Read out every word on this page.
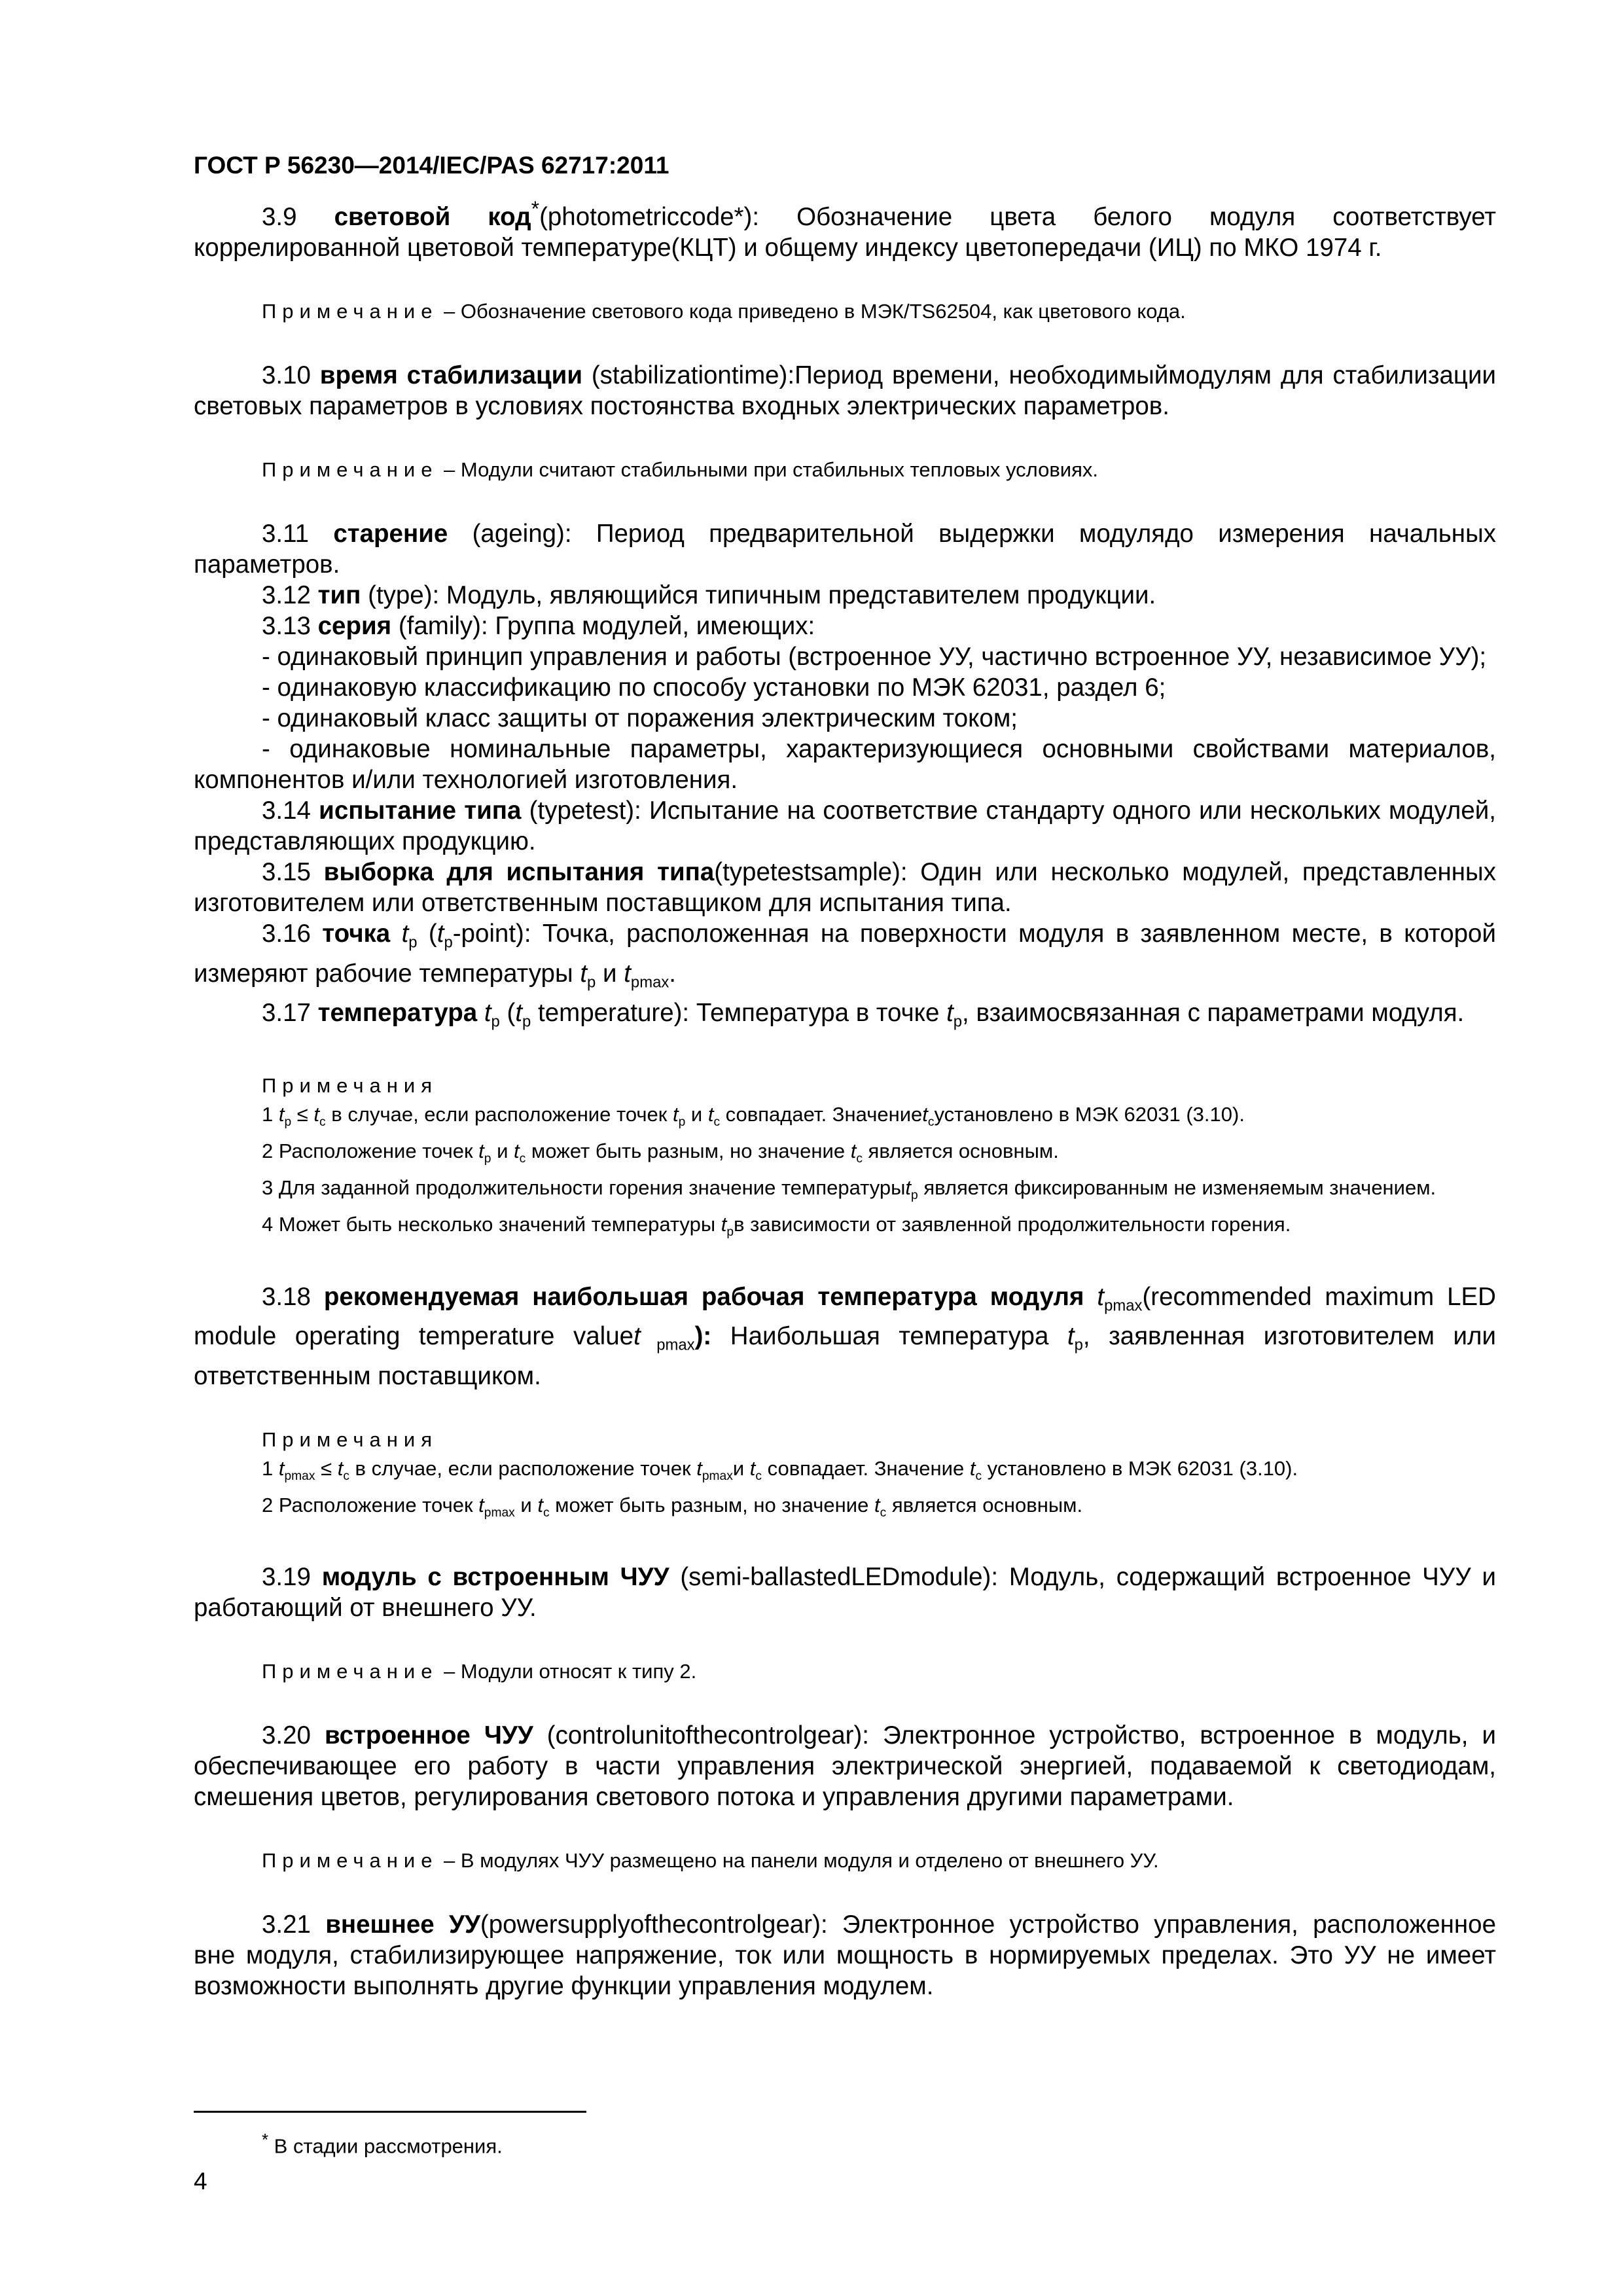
ГОСТ Р 56230—2014/IEC/PAS 62717:2011

3.9 световой код*(photometriccode*): Обозначение цвета белого модуля соответствует коррелированной цветовой температуре(КЦТ) и общему индексу цветопередачи (ИЦ) по МКО 1974 г.

Примечание – Обозначение светового кода приведено в МЭК/TS62504, как цветового кода.

3.10 время стабилизации (stabilizationtime):Период времени, необходимыймодулям для стабилизации световых параметров в условиях постоянства входных электрических параметров.

Примечание – Модули считают стабильными при стабильных тепловых условиях.

3.11 старение (ageing): Период предварительной выдержки модулядо измерения начальных параметров.

3.12 тип (type): Модуль, являющийся типичным представителем продукции.

3.13 серия (family): Группа модулей, имеющих:

- одинаковый принцип управления и работы (встроенное УУ, частично встроенное УУ, независимое УУ);

- одинаковую классификацию по способу установки по МЭК 62031, раздел 6;

- одинаковый класс защиты от поражения электрическим током;

- одинаковые номинальные параметры, характеризующиеся основными свойствами материалов, компонентов и/или технологией изготовления.

3.14 испытание типа (typetest): Испытание на соответствие стандарту одного или нескольких модулей, представляющих продукцию.

3.15 выборка для испытания типа(typetestsample): Один или несколько модулей, представленных изготовителем или ответственным поставщиком для испытания типа.

3.16 точка $t_p$ $(t_p-point)$: Точка, расположенная на поверхности модуля в заявленном месте, в которой измеряют рабочие температуры $t_p$ и $t_{pmax}$.

3.17 температура $t_p$ ($t_p$ temperature): Температура в точке $t_p$, взаимосвязанная с параметрами модуля.

Примечания

1 $t_p \le t_c$ в случае, если расположение точек $t_p$ и $t_c$ совпадает. Значениеt$_c$установлено в МЭК 62031 (3.10).

2 Расположение точек $t_p$ и $t_c$ может быть разным, но значение $t_c$ является основным.

3 Для заданной продолжительности горения значение температурыt$_p$ является фиксированным не изменяемым значением.

4 Может быть несколько значений температуры $t_pв$ зависимости от заявленной продолжительности горения.

3.18 рекомендуемая наибольшая рабочая температура модуля $t_{pmax}(recommended$ maximum LED module operating temperature valuet $_{pmax}$): Наибольшая температура $t_p$, заявленная изготовителем или ответственным поставщиком.

Примечания

1 $t_{pmax} \le t_c$ в случае, если расположение точек $t_{pmax}и$ $t_c$ совпадает. Значение $t_c$ установлено в МЭК 62031 (3.10).

2 Расположение точек $t_{pmax}$ и $t_c$ может быть разным, но значение $t_c$ является основным.

3.19 модуль с встроенным ЧУУ (semi-ballastedLEDmodule): Модуль, содержащий встроенное ЧУУ и работающий от внешнего УУ.

Примечание – Модули относят к типу 2.

3.20 встроенное ЧУУ (controlunitofthecontrolgear): Электронное устройство, встроенное в модуль, и обеспечивающее его работу в части управления электрической энергией, подаваемой к светодиодам, смешения цветов, регулирования светового потока и управления другими параметрами.

Примечание – В модулях ЧУУ размещено на панели модуля и отделено от внешнего УУ.

3.21 внешнее УУ(powersupplyofthecontrolgear): Электронное устройство управления, расположенное вне модуля, стабилизирующее напряжение, ток или мощность в нормируемых пределах. Это УУ не имеет возможности выполнять другие функции управления модулем.

* В стадии рассмотрения.
4
